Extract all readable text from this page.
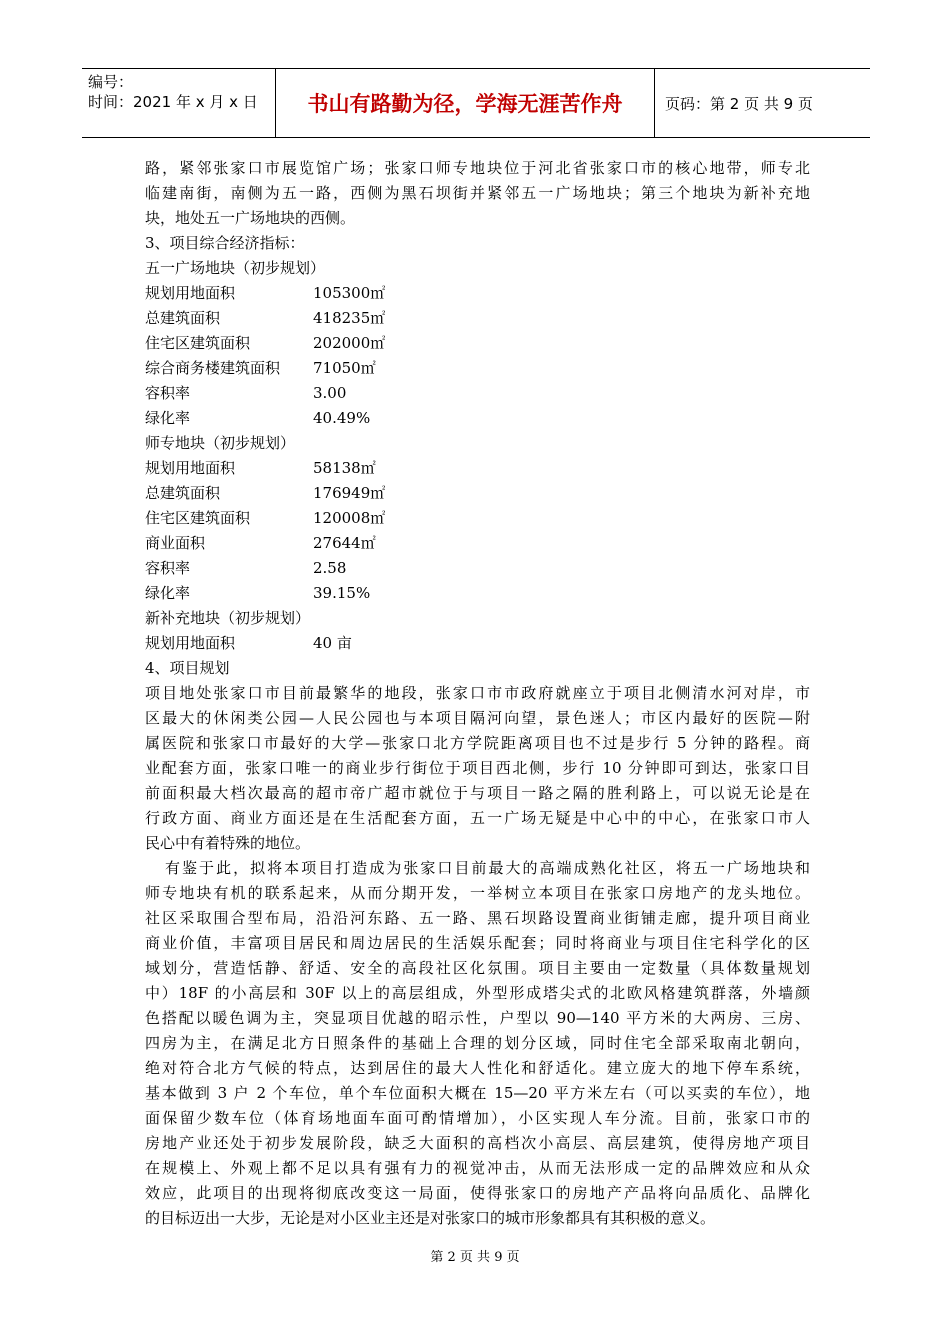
编号：
时间：2021 年 x 月 x 日	书山有路勤为径，学海无涯苦作舟	页码：第 2 页 共 9 页
路，紧邻张家口市展览馆广场；张家口师专地块位于河北省张家口市的核心地带，师专北
临建南街，南侧为五一路，西侧为黑石坝街并紧邻五一广场地块；第三个地块为新补充地
块，地处五一广场地块的西侧。
3、项目综合经济指标：
五一广场地块（初步规划）
规划用地面积	105300㎡
总建筑面积	418235㎡
住宅区建筑面积	202000㎡
综合商务楼建筑面积	71050㎡
容积率	3.00
绿化率	40.49%
师专地块（初步规划）
规划用地面积	58138㎡
总建筑面积	176949㎡
住宅区建筑面积	120008㎡
商业面积	27644㎡
容积率	2.58
绿化率	39.15%
新补充地块（初步规划）
规划用地面积	40 亩
4、项目规划
项目地处张家口市目前最繁华的地段，张家口市市政府就座立于项目北侧清水河对岸，市
区最大的休闲类公园—人民公园也与本项目隔河向望，景色迷人；市区内最好的医院—附
属医院和张家口市最好的大学—张家口北方学院距离项目也不过是步行 5 分钟的路程。商
业配套方面，张家口唯一的商业步行街位于项目西北侧，步行 10 分钟即可到达，张家口目
前面积最大档次最高的超市帝广超市就位于与项目一路之隔的胜利路上，可以说无论是在
行政方面、商业方面还是在生活配套方面，五一广场无疑是中心中的中心，在张家口市人
民心中有着特殊的地位。
有鉴于此，拟将本项目打造成为张家口目前最大的高端成熟化社区，将五一广场地块和
师专地块有机的联系起来，从而分期开发，一举树立本项目在张家口房地产的龙头地位。
社区采取围合型布局，沿沿河东路、五一路、黑石坝路设置商业街铺走廊，提升项目商业
商业价值，丰富项目居民和周边居民的生活娱乐配套；同时将商业与项目住宅科学化的区
域划分，营造恬静、舒适、安全的高段社区化氛围。项目主要由一定数量（具体数量规划
中）18F 的小高层和 30F 以上的高层组成，外型形成塔尖式的北欧风格建筑群落，外墙颜
色搭配以暖色调为主，突显项目优越的昭示性，户型以 90—140 平方米的大两房、三房、
四房为主，在满足北方日照条件的基础上合理的划分区域，同时住宅全部采取南北朝向，
绝对符合北方气候的特点，达到居住的最大人性化和舒适化。建立庞大的地下停车系统，
基本做到 3 户 2 个车位，单个车位面积大概在 15—20 平方米左右（可以买卖的车位），地
面保留少数车位（体育场地面车面可酌情增加），小区实现人车分流。目前，张家口市的
房地产业还处于初步发展阶段，缺乏大面积的高档次小高层、高层建筑，使得房地产项目
在规模上、外观上都不足以具有强有力的视觉冲击，从而无法形成一定的品牌效应和从众
效应，此项目的出现将彻底改变这一局面，使得张家口的房地产产品将向品质化、品牌化
的目标迈出一大步，无论是对小区业主还是对张家口的城市形象都具有其积极的意义。
第 2 页 共 9 页
